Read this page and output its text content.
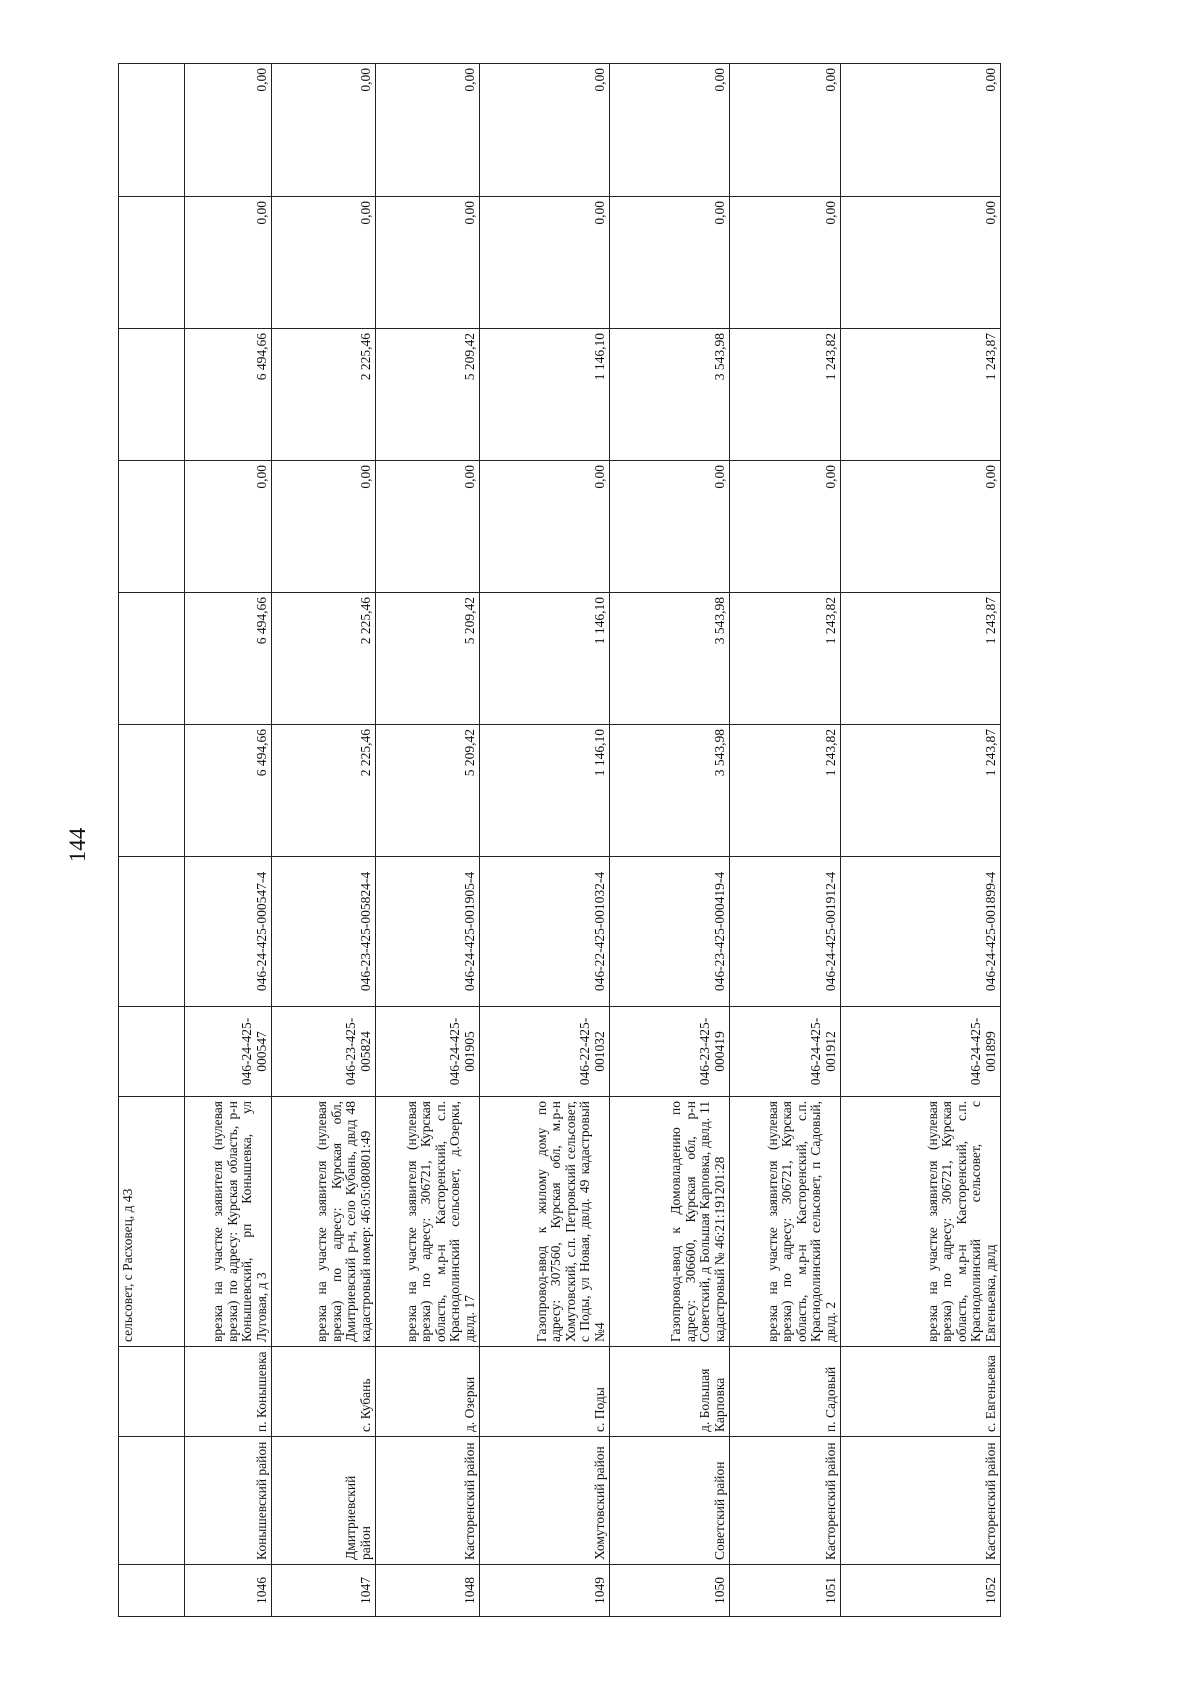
144
			сельсовет, с Расховец, д 43								
1046	Конышевский район	п. Конышевка	врезка на участке заявителя (нулевая врезка) по адресу: Курская область, р-н Конышевский, рп Конышевка, ул Луговая, д 3	046-24-425-000547	046-24-425-000547-4	6 494,66	6 494,66	0,00	6 494,66	0,00	0,00
1047	Дмитриевский район	с. Кубань	врезка на участке заявителя (нулевая врезка) по адресу: Курская обл, Дмитриевский р-н, село Кубань, двлд 48 кадастровый номер: 46:05:080801:49	046-23-425-005824	046-23-425-005824-4	2 225,46	2 225,46	0,00	2 225,46	0,00	0,00
1048	Касторенский район	д. Озерки	врезка на участке заявителя (нулевая врезка) по адресу: 306721, Курская область, м.р-н Касторенский, с.п. Краснодолинский сельсовет, д.Озерки, двлд. 17	046-24-425-001905	046-24-425-001905-4	5 209,42	5 209,42	0,00	5 209,42	0,00	0,00
1049	Хомутовский район	с. Поды	Газопровод-ввод к жилому дому по адресу: 307560, Курская обл, м.р-н Хомутовский, с.п. Петровский сельсовет, с Поды, ул Новая, двлд. 49 кадастровый №4	046-22-425-001032	046-22-425-001032-4	1 146,10	1 146,10	0,00	1 146,10	0,00	0,00
1050	Советский район	д. Большая Карповка	Газопровод-ввод к Домовладению по адресу: 306600, Курская обл, р-н Советский, д Большая Карповка, двлд. 11 кадастровый № 46:21:191201:28	046-23-425-000419	046-23-425-000419-4	3 543,98	3 543,98	0,00	3 543,98	0,00	0,00
1051	Касторенский район	п. Садовый	врезка на участке заявителя (нулевая врезка) по адресу: 306721, Курская область, м.р-н Касторенский, с.п. Краснодолинский сельсовет, п Садовый, двлд. 2	046-24-425-001912	046-24-425-001912-4	1 243,82	1 243,82	0,00	1 243,82	0,00	0,00
1052	Касторенский район	с. Евгеньевка	врезка на участке заявителя (нулевая врезка) по адресу: 306721, Курская область, м.р-н Касторенский, с.п. Краснодолинский сельсовет, с Евгеньевка, двлд	046-24-425-001899	046-24-425-001899-4	1 243,87	1 243,87	0,00	1 243,87	0,00	0,00
